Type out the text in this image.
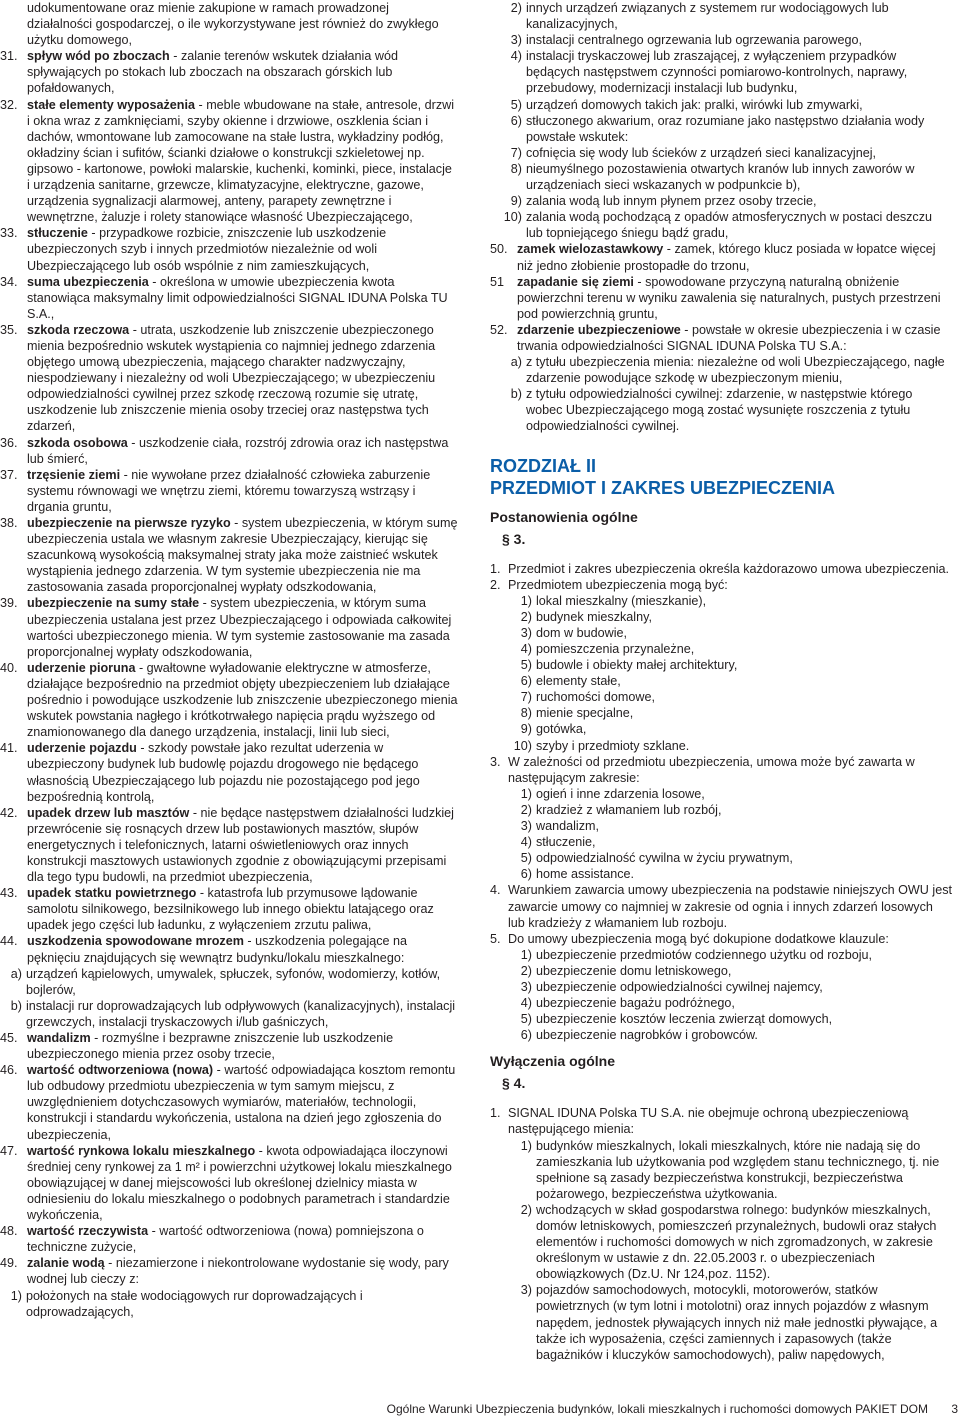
udokumentowane oraz mienie zakupione w ramach prowadzonej
działalności gospodarczej, o ile wykorzystywane jest również do zwykłego
użytku domowego,

31. spływ wód po zboczach - zalanie terenów wskutek działania wód spływających po stokach lub zboczach na obszarach górskich lub pofałdowanych,

32. stałe elementy wyposażenia - meble wbudowane na stałe, antresole, drzwi i okna wraz z zamknięciami, szyby okienne i drzwiowe, oszklenia ścian i dachów, wmontowane lub zamocowane na stałe lustra, wykładziny podłóg, okładziny ścian i sufitów, ścianki działowe o konstrukcji szkieletowej np. gipsowo - kartonowe, powłoki malarskie, kuchenki, kominki, piece, instalacje i urządzenia sanitarne, grzewcze, klimatyzacyjne, elektryczne, gazowe, urządzenia sygnalizacji alarmowej, anteny, parapety zewnętrzne i wewnętrzne, żaluzje i rolety stanowiące własność Ubezpieczającego,

33. stłuczenie - przypadkowe rozbicie, zniszczenie lub uszkodzenie ubezpieczonych szyb i innych przedmiotów niezależnie od woli Ubezpieczającego lub osób wspólnie z nim zamieszkujących,

34. suma ubezpieczenia - określona w umowie ubezpieczenia kwota stanowiąca maksymalny limit odpowiedzialności SIGNAL IDUNA Polska TU S.A.,

35. szkoda rzeczowa - utrata, uszkodzenie lub zniszczenie ubezpieczonego mienia bezpośrednio wskutek wystąpienia co najmniej jednego zdarzenia objętego umową ubezpieczenia, mającego charakter nadzwyczajny, niespodziewany i niezależny od woli Ubezpieczającego; w ubezpieczeniu odpowiedzialności cywilnej przez szkodę rzeczową rozumie się utratę, uszkodzenie lub zniszczenie mienia osoby trzeciej oraz następstwa tych zdarzeń,

36. szkoda osobowa - uszkodzenie ciała, rozstrój zdrowia oraz ich następstwa lub śmierć,

37. trzęsienie ziemi - nie wywołane przez działalność człowieka zaburzenie systemu równowagi we wnętrzu ziemi, któremu towarzyszą wstrząsy i drgania gruntu,

38. ubezpieczenie na pierwsze ryzyko - system ubezpieczenia, w którym sumę ubezpieczenia ustala we własnym zakresie Ubezpieczający, kierując się szacunkową wysokością maksymalnej straty jaka może zaistnieć wskutek wystąpienia jednego zdarzenia. W tym systemie ubezpieczenia nie ma zastosowania zasada proporcjonalnej wypłaty odszkodowania,

39. ubezpieczenie na sumy stałe - system ubezpieczenia, w którym suma ubezpieczenia ustalana jest przez Ubezpieczającego i odpowiada całkowitej wartości ubezpieczonego mienia. W tym systemie zastosowanie ma zasada proporcjonalnej wypłaty odszkodowania,

40. uderzenie pioruna - gwałtowne wyładowanie elektryczne w atmosferze, działające bezpośrednio na przedmiot objęty ubezpieczeniem lub działające pośrednio i powodujące uszkodzenie lub zniszczenie ubezpieczonego mienia wskutek powstania nagłego i krótkotrwałego napięcia prądu wyższego od znamionowanego dla danego urządzenia, instalacji, linii lub sieci,

41. uderzenie pojazdu - szkody powstałe jako rezultat uderzenia w ubezpieczony budynek lub budowlę pojazdu drogowego nie będącego własnością Ubezpieczającego lub pojazdu nie pozostającego pod jego bezpośrednią kontrolą,

42. upadek drzew lub masztów - nie będące następstwem działalności ludzkiej przewrócenie się rosnących drzew lub postawionych masztów, słupów energetycznych i telefonicznych, latarni oświetleniowych oraz innych konstrukcji masztowych ustawionych zgodnie z obowiązującymi przepisami dla tego typu budowli, na przedmiot ubezpieczenia,

43. upadek statku powietrznego - katastrofa lub przymusowe lądowanie samolotu silnikowego, bezsilnikowego lub innego obiektu latającego oraz upadek jego części lub ładunku, z wyłączeniem zrzutu paliwa,

44. uszkodzenia spowodowane mrozem - uszkodzenia polegające na pęknięciu znajdujących się wewnątrz budynku/lokalu mieszkalnego:

a) urządzeń kąpielowych, umywalek, spłuczek, syfonów, wodomierzy, kotłów, bojlerów,

b) instalacji rur doprowadzających lub odpływowych (kanalizacyjnych), instalacji grzewczych, instalacji tryskaczowych i/lub gaśniczych,

45. wandalizm - rozmyślne i bezprawne zniszczenie lub uszkodzenie ubezpieczonego mienia przez osoby trzecie,

46. wartość odtworzeniowa (nowa) - wartość odpowiadająca kosztom remontu lub odbudowy przedmiotu ubezpieczenia w tym samym miejscu, z uwzględnieniem dotychczasowych wymiarów, materiałów, technologii, konstrukcji i standardu wykończenia, ustalona na dzień jego zgłoszenia do ubezpieczenia,

47. wartość rynkowa lokalu mieszkalnego - kwota odpowiadająca iloczynowi średniej ceny rynkowej za 1 m² i powierzchni użytkowej lokalu mieszkalnego obowiązującej w danej miejscowości lub określonej dzielnicy miasta w odniesieniu do lokalu mieszkalnego o podobnych parametrach i standardzie wykończenia,

48. wartość rzeczywista - wartość odtworzeniowa (nowa) pomniejszona o techniczne zużycie,

49. zalanie wodą - niezamierzone i niekontrolowane wydostanie się wody, pary wodnej lub cieczy z:

1) położonych na stałe wodociągowych rur doprowadzających i odprowadzających,

2) innych urządzeń związanych z systemem rur wodociągowych lub kanalizacyjnych,

3) instalacji centralnego ogrzewania lub ogrzewania parowego,

4) instalacji tryskaczowej lub zraszającej, z wyłączeniem przypadków będących następstwem czynności pomiarowo-kontrolnych, naprawy, przebudowy, modernizacji instalacji lub budynku,

5) urządzeń domowych takich jak: pralki, wirówki lub zmywarki,

6) stłuczonego akwarium, oraz rozumiane jako następstwo działania wody powstałe wskutek:

7) cofnięcia się wody lub ścieków z urządzeń sieci kanalizacyjnej,

8) nieumyślnego pozostawienia otwartych kranów lub innych zaworów w urządzeniach sieci wskazanych w podpunkcie b),

9) zalania wodą lub innym płynem przez osoby trzecie,

10) zalania wodą pochodzącą z opadów atmosferycznych w postaci deszczu lub topniejącego śniegu bądź gradu,

50. zamek wielozastawkowy - zamek, którego klucz posiada w łopatce więcej niż jedno złobienie prostopadłe do trzonu,

51 zapadanie się ziemi - spowodowane przyczyną naturalną obniżenie powierzchni terenu w wyniku zawalenia się naturalnych, pustych przestrzeni pod powierzchnią gruntu,

52. zdarzenie ubezpieczeniowe - powstałe w okresie ubezpieczenia i w czasie trwania odpowiedzialności SIGNAL IDUNA Polska TU S.A.:

a) z tytułu ubezpieczenia mienia: niezależne od woli Ubezpieczającego, nagłe zdarzenie powodujące szkodę w ubezpieczonym mieniu,

b) z tytułu odpowiedzialności cywilnej: zdarzenie, w następstwie którego wobec Ubezpieczającego mogą zostać wysunięte roszczenia z tytułu odpowiedzialności cywilnej.

ROZDZIAŁ II

PRZEDMIOT I ZAKRES UBEZPIECZENIA

Postanowienia ogólne

§ 3.

1. Przedmiot i zakres ubezpieczenia określa każdorazowo umowa ubezpieczenia.

2. Przedmiotem ubezpieczenia mogą być:

1) lokal mieszkalny (mieszkanie),

2) budynek mieszkalny,

3) dom w budowie,

4) pomieszczenia przynależne,

5) budowle i obiekty małej architektury,

6) elementy stałe,

7) ruchomości domowe,

8) mienie specjalne,

9) gotówka,

10) szyby i przedmioty szklane.

3. W zależności od przedmiotu ubezpieczenia, umowa może być zawarta w następującym zakresie:

1) ogień i inne zdarzenia losowe,

2) kradzież z włamaniem lub rozbój,

3) wandalizm,

4) stłuczenie,

5) odpowiedzialność cywilna w życiu prywatnym,

6) home assistance.

4. Warunkiem zawarcia umowy ubezpieczenia na podstawie niniejszych OWU jest zawarcie umowy co najmniej w zakresie od ognia i innych zdarzeń losowych lub kradzieży z włamaniem lub rozboju.

5. Do umowy ubezpieczenia mogą być dokupione dodatkowe klauzule:

1) ubezpieczenie przedmiotów codziennego użytku od rozboju,

2) ubezpieczenie domu letniskowego,

3) ubezpieczenie odpowiedzialności cywilnej najemcy,

4) ubezpieczenie bagażu podróżnego,

5) ubezpieczenie kosztów leczenia zwierząt domowych,

6) ubezpieczenie nagrobków i grobowców.

Wyłączenia ogólne

§ 4.

1. SIGNAL IDUNA Polska TU S.A. nie obejmuje ochroną ubezpieczeniową następującego mienia:

1) budynków mieszkalnych, lokali mieszkalnych, które nie nadają się do zamieszkania lub użytkowania pod względem stanu technicznego, tj. nie spełnione są zasady bezpieczeństwa konstrukcji, bezpieczeństwa pożarowego, bezpieczeństwa użytkowania.

2) wchodzących w skład gospodarstwa rolnego: budynków mieszkalnych, domów letniskowych, pomieszczeń przynależnych, budowli oraz stałych elementów i ruchomości domowych w nich zgromadzonych, w zakresie określonym w ustawie z dn. 22.05.2003 r. o ubezpieczeniach obowiązkowych (Dz.U. Nr 124,poz. 1152).

3) pojazdów samochodowych, motocykli, motorowerów, statków powietrznych (w tym lotni i motolotni) oraz innych pojazdów z własnym napędem, jednostek pływających innych niż małe jednostki pływające, a także ich wyposażenia, części zamiennych i zapasowych (także bagażników i kluczyków samochodowych), paliw napędowych,

Ogólne Warunki Ubezpieczenia budynków, lokali mieszkalnych i ruchomości domowych PAKIET DOM 3
